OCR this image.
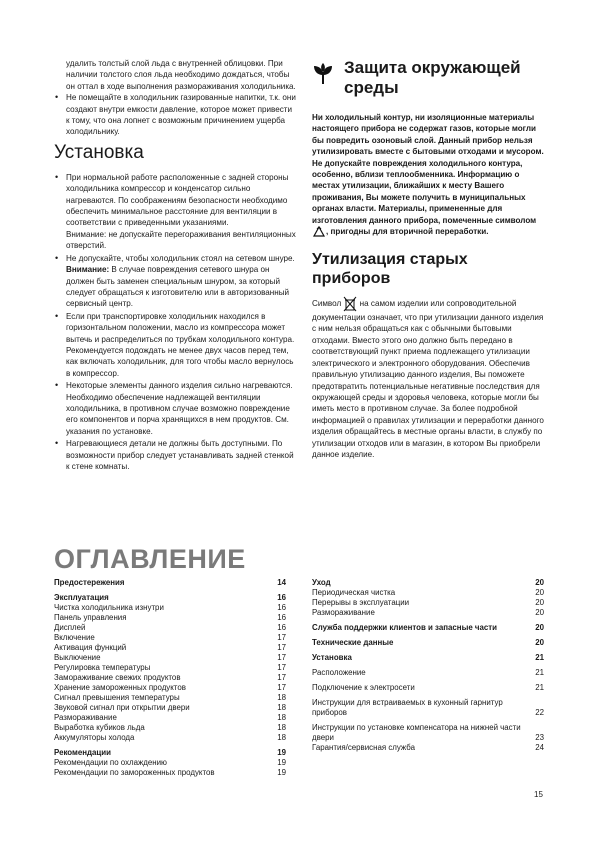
удалить толстый слой льда с внутренней облицовки. При наличии толстого слоя льда необходимо дождаться, чтобы он оттал в ходе выполнения размораживания холодильника.
• Не помещайте в холодильник газированные напитки, т.к. они создают внутри емкости давление, которое может привести к тому, что она лопнет с возможным причинением ущерба холодильнику.
Установка
• При нормальной работе расположенные с задней стороны холодильника компрессор и конденсатор сильно нагреваются. По соображениям безопасности необходимо обеспечить минимальное расстояние для вентиляции в соответствии с приведенными указаниями.
Внимание: не допускайте перегораживания вентиляционных отверстий.
• Не допускайте, чтобы холодильник стоял на сетевом шнуре.
Внимание: В случае повреждения сетевого шнура он должен быть заменен специальным шнуром, за который следует обращаться к изготовителю или в авторизованный сервисный центр.
• Если при транспортировке холодильник находился в горизонтальном положении, масло из компрессора может вытечь и распределиться по трубкам холодильного контура. Рекомендуется подождать не менее двух часов перед тем, как включать холодильник, для того чтобы масло вернулось в компрессор.
• Некоторые элементы данного изделия сильно нагреваются. Необходимо обеспечение надлежащей вентиляции холодильника, в противном случае возможно повреждение его компонентов и порча хранящихся в нем продуктов. См. указания по установке.
• Нагревающиеся детали не должны быть доступными. По возможности прибор следует устанавливать задней стенкой к стене комнаты.
Защита окружающей среды
Ни холодильный контур, ни изоляционные материалы настоящего прибора не содержат газов, которые могли бы повредить озоновый слой. Данный прибор нельзя утилизировать вместе с бытовыми отходами и мусором. Не допускайте повреждения холодильного контура, особенно, вблизи теплообменника. Информацию о местах утилизации, ближайших к месту Вашего проживания, Вы можете получить в муниципальных органах власти. Материалы, примененные для изготовления данного прибора, помеченные символом , пригодны для вторичной переработки.
Утилизация старых приборов
Символ  на самом изделии или сопроводительной документации означает, что при утилизации данного изделия с ним нельзя обращаться как с обычными бытовыми отходами. Вместо этого оно должно быть передано в соответствующий пункт приема подлежащего утилизации электрического и электронного оборудования. Обеспечив правильную утилизацию данного изделия, Вы поможете предотвратить потенциальные негативные последствия для окружающей среды и здоровья человека, которые могли бы иметь место в противном случае. За более подробной информацией о правилах утилизации и переработки данного изделия обращайтесь в местные органы власти, в службу по утилизации отходов или в магазин, в котором Вы приобрели данное изделие.
ОГЛАВЛЕНИЕ
Предостережения	14
Эксплуатация	16
Чистка холодильника изнутри	16
Панель управления	16
Дисплей	16
Включение	17
Активация функций	17
Выключение	17
Регулировка температуры	17
Замораживание свежих продуктов	17
Хранение замороженных продуктов	17
Сигнал превышения температуры	18
Звуковой сигнал при открытии двери	18
Размораживание	18
Выработка кубиков льда	18
Аккумуляторы холода	18
Рекомендации	19
Рекомендации по охлаждению	19
Рекомендации по замороженных продуктов	19
Уход	20
Периодическая чистка	20
Перерывы в эксплуатации	20
Размораживание	20
Служба поддержки клиентов и запасные части	20
Технические данные	20
Установка	21
Расположение	21
Подключение к электросети	21
Инструкции для встраиваемых в кухонный гарнитур приборов	22
Инструкции по установке компенсатора на нижней части двери	23
Гарантия/сервисная служба	24
15
